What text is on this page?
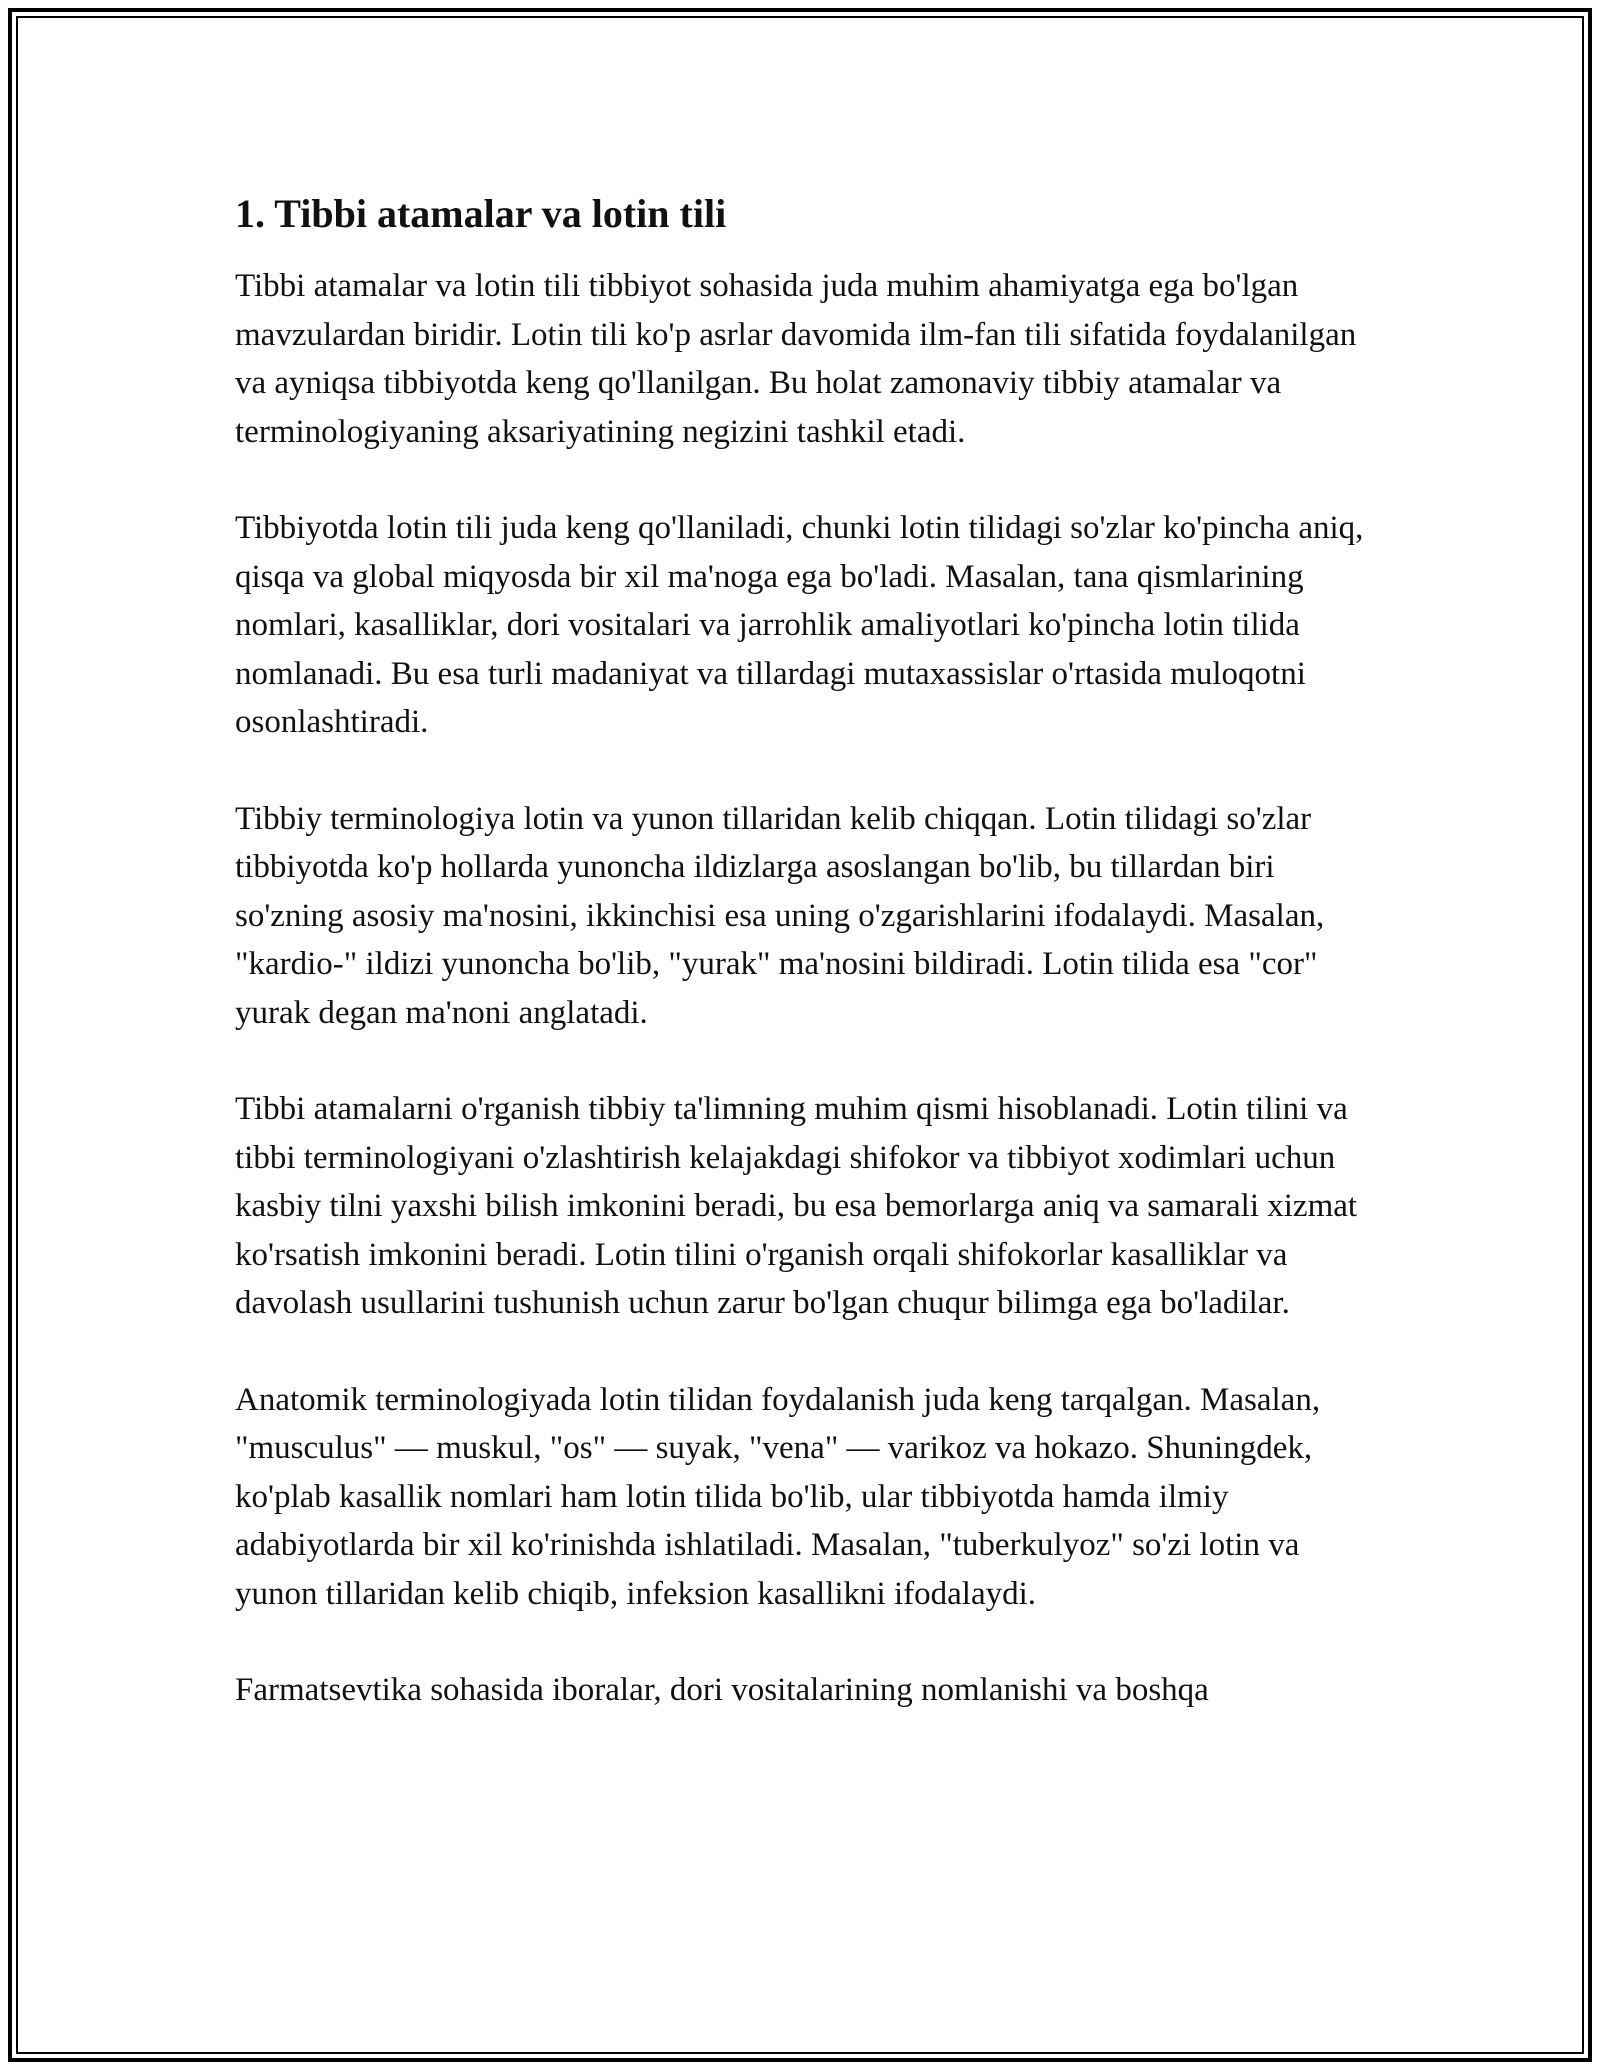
1. Tibbi atamalar va lotin tili

Tibbi atamalar va lotin tili tibbiyot sohasida juda muhim ahamiyatga ega bo'lgan mavzulardan biridir. Lotin tili ko'p asrlar davomida ilm-fan tili sifatida foydalanilgan va ayniqsa tibbiyotda keng qo'llanilgan. Bu holat zamonaviy tibbiy atamalar va terminologiyaning aksariyatining negizini tashkil etadi.

Tibbiyotda lotin tili juda keng qo'llaniladi, chunki lotin tilidagi so'zlar ko'pincha aniq, qisqa va global miqyosda bir xil ma'noga ega bo'ladi. Masalan, tana qismlarining nomlari, kasalliklar, dori vositalari va jarrohlik amaliyotlari ko'pincha lotin tilida nomlanadi. Bu esa turli madaniyat va tillardagi mutaxassislar o'rtasida muloqotni osonlashtiradi.

Tibbiy terminologiya lotin va yunon tillaridan kelib chiqqan. Lotin tilidagi so'zlar tibbiyotda ko'p hollarda yunoncha ildizlarga asoslangan bo'lib, bu tillardan biri so'zning asosiy ma'nosini, ikkinchisi esa uning o'zgarishlarini ifodalaydi. Masalan, "kardio-" ildizi yunoncha bo'lib, "yurak" ma'nosini bildiradi. Lotin tilida esa "cor" yurak degan ma'noni anglatadi.

Tibbi atamalarni o'rganish tibbiy ta'limning muhim qismi hisoblanadi. Lotin tilini va tibbi terminologiyani o'zlashtirish kelajakdagi shifokor va tibbiyot xodimlari uchun kasbiy tilni yaxshi bilish imkonini beradi, bu esa bemorlarga aniq va samarali xizmat ko'rsatish imkonini beradi. Lotin tilini o'rganish orqali shifokorlar kasalliklar va davolash usullarini tushunish uchun zarur bo'lgan chuqur bilimga ega bo'ladilar.

Anatomik terminologiyada lotin tilidan foydalanish juda keng tarqalgan. Masalan, "musculus" — muskul, "os" — suyak, "vena" — varikoz va hokazo. Shuningdek, ko'plab kasallik nomlari ham lotin tilida bo'lib, ular tibbiyotda hamda ilmiy adabiyotlarda bir xil ko'rinishda ishlatiladi. Masalan, "tuberkulyoz" so'zi lotin va yunon tillaridan kelib chiqib, infeksion kasallikni ifodalaydi.

Farmatsevtika sohasida iboralar, dori vositalarining nomlanishi va boshqa
